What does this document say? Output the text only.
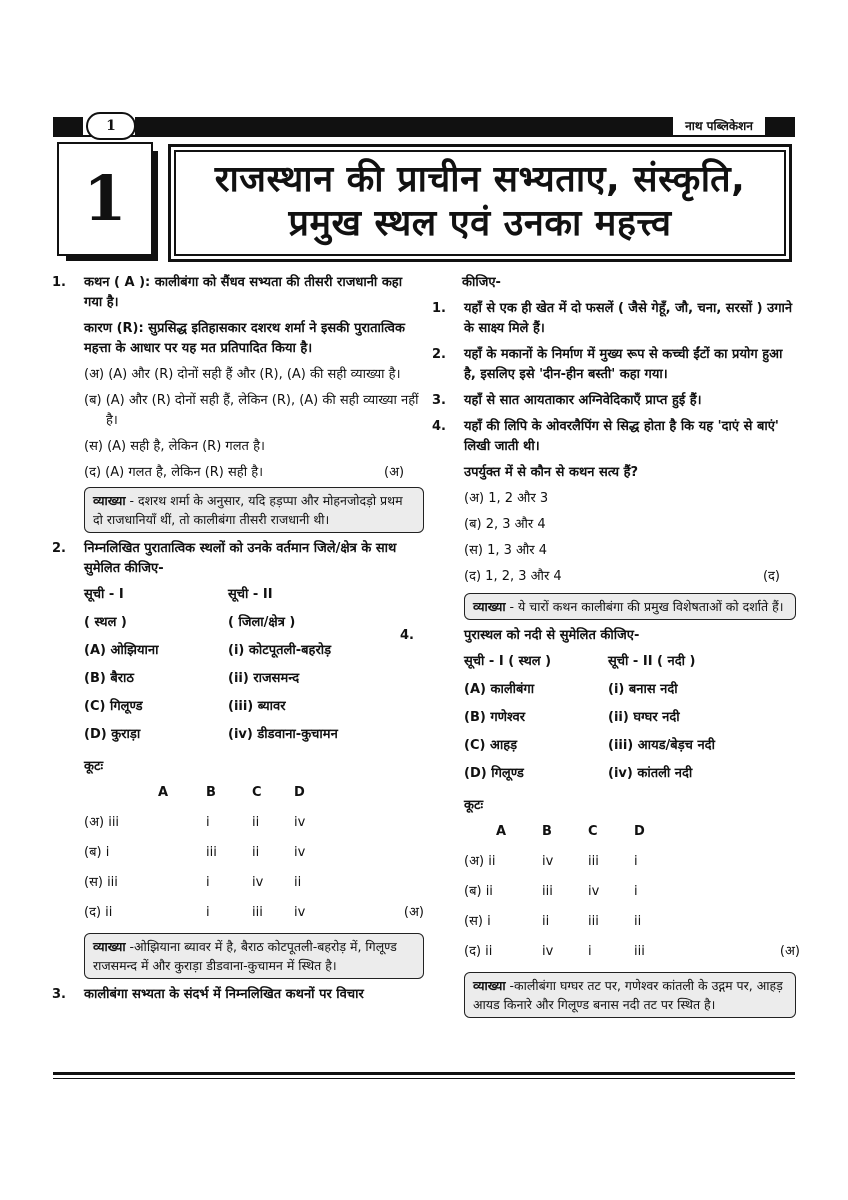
1	नाथ पब्लिकेशन
1	राजस्थान की प्राचीन सभ्यताए, संस्कृति,
प्रमुख स्थल एवं उनका महत्त्व
1. कथन ( A ): कालीबंगा को सैंधव सभ्यता की तीसरी राजधानी कहा गया है।

कारण (R): सुप्रसिद्ध इतिहासकार दशरथ शर्मा ने इसकी पुरातात्विक महत्ता के आधार पर यह मत प्रतिपादित किया है।

(अ) (A) और (R) दोनों सही हैं और (R), (A) की सही व्याख्या है।

(ब) (A) और (R) दोनों सही हैं, लेकिन (R), (A) की सही व्याख्या नहीं है।

(स) (A) सही है, लेकिन (R) गलत है।

(द) (A) गलत है, लेकिन (R) सही है।	(अ)

व्याख्या - दशरथ शर्मा के अनुसार, यदि हड़प्पा और मोहनजोदड़ो प्रथम दो राजधानियाँ थीं, तो कालीबंगा तीसरी राजधानी थी।
2. निम्नलिखित पुरातात्विक स्थलों को उनके वर्तमान जिले/क्षेत्र के साथ सुमेलित कीजिए-

सूची - I	सूची - II
( स्थल )	( जिला/क्षेत्र )
(A) ओझियाना	(i) कोटपूतली-बहरोड़
(B) बैराठ	(ii) राजसमन्द
(C) गिलूण्ड	(iii) ब्यावर
(D) कुराड़ा	(iv) डीडवाना-कुचामन
कूटः
	A	B	C	D
(अ) iii		i	ii	iv
(ब) i		iii	ii	iv
(स) iii		i	iv	ii
(द) ii		i	iii	iv (अ)
व्याख्या -ओझियाना ब्यावर में है, बैराठ कोटपूतली-बहरोड़ में, गिलूण्ड राजसमन्द में और कुराड़ा डीडवाना-कुचामन में स्थित है।
3. कालीबंगा सभ्यता के संदर्भ में निम्नलिखित कथनों पर विचार

कीजिए-

1. यहाँ से एक ही खेत में दो फसलें ( जैसे गेहूँ, जौ, चना, सरसों ) उगाने के साक्ष्य मिले हैं।
2. यहाँ के मकानों के निर्माण में मुख्य रूप से कच्ची ईंटों का प्रयोग हुआ है, इसलिए इसे 'दीन-हीन बस्ती' कहा गया।
3. यहाँ से सात आयताकार अग्निवेदिकाएँ प्राप्त हुई हैं।
4. यहाँ की लिपि के ओवरलैपिंग से सिद्ध होता है कि यह 'दाएं से बाएं' लिखी जाती थी।

उपर्युक्त में से कौन से कथन सत्य हैं?

(अ) 1, 2 और 3

(ब) 2, 3 और 4

(स) 1, 3 और 4

(द) 1, 2, 3 और 4	(द)

व्याख्या - ये चारों कथन कालीबंगा की प्रमुख विशेषताओं को दर्शाते हैं।
4.	पुरास्थल को नदी से सुमेलित कीजिए-

सूची - I ( स्थल )	सूची - II ( नदी )
(A) कालीबंगा	(i) बनास नदी
(B) गणेश्वर	(ii) घग्घर नदी
(C) आहड़	(iii) आयड/बेड़च नदी
(D) गिलूण्ड	(iv) कांतली नदी
कूटः
	A	B	C	D
(अ) ii		iv	iii	i
(ब) ii		iii	iv	i
(स) i		ii	iii	ii
(द) ii		iv	i	iii (अ)
व्याख्या -कालीबंगा घग्घर तट पर, गणेश्वर कांतली के उद्गम पर, आहड़ आयड किनारे और गिलूण्ड बनास नदी तट पर स्थित है।
